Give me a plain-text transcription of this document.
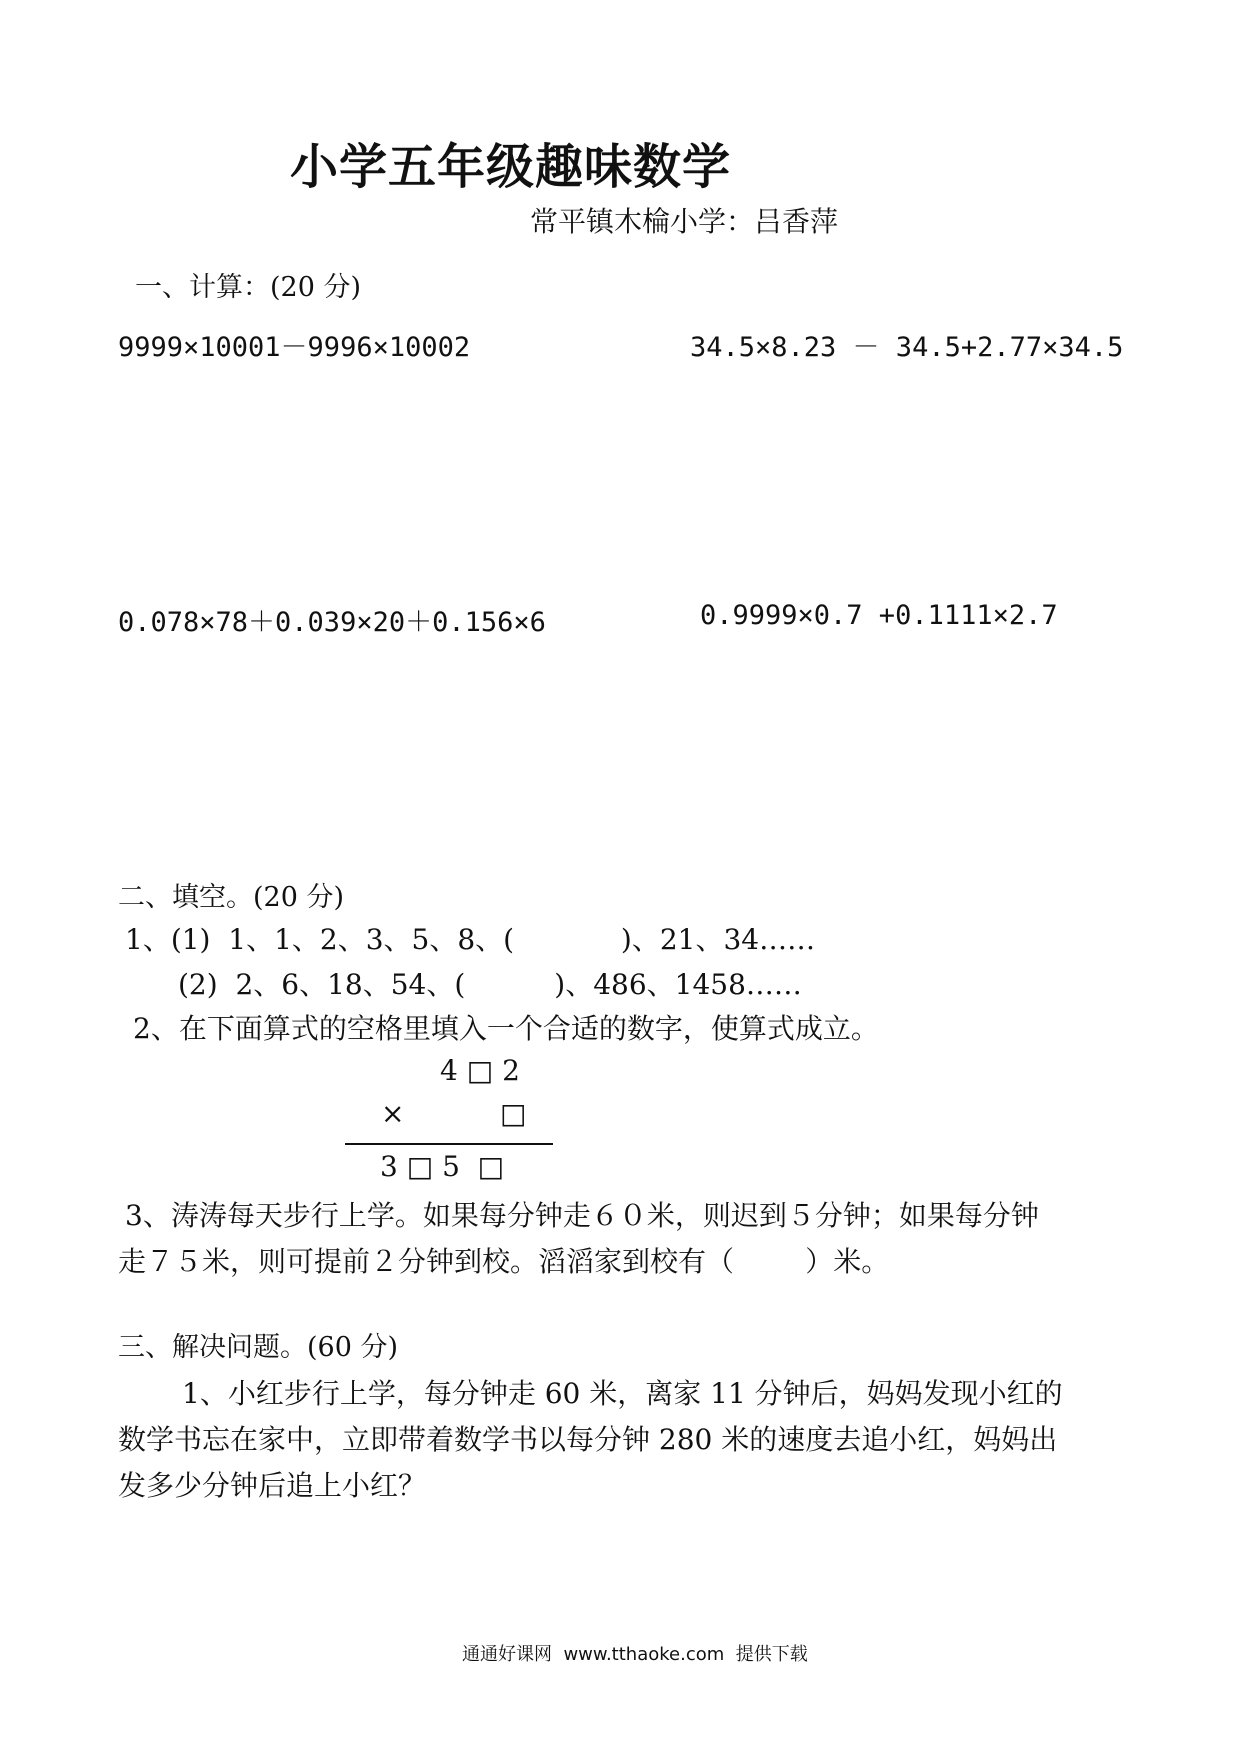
小学五年级趣味数学
常平镇木棆小学：吕香萍
一、计算：(20 分)
9999×10001－9996×10002	34.5×8.23 － 34.5+2.77×34.5
0.078×78＋0.039×20＋0.156×6	0.9999×0.7 +0.1111×2.7
二、填空。(20 分)
1、(1)  1、1、2、3、5、8、(            )、21、34……
(2)  2、6、18、54、(          )、486、1458……
2、在下面算式的空格里填入一个合适的数字，使算式成立。
4 □ 2
×	□
3 □ 5  □
3、涛涛每天步行上学。如果每分钟走６０米，则迟到５分钟；如果每分钟
走７５米，则可提前２分钟到校。滔滔家到校有（        ）米。
三、解决问题。(60 分)
1、小红步行上学，每分钟走 60 米，离家 11 分钟后，妈妈发现小红的
数学书忘在家中，立即带着数学书以每分钟 280 米的速度去追小红，妈妈出
发多少分钟后追上小红？
通通好课网  www.tthaoke.com  提供下载
